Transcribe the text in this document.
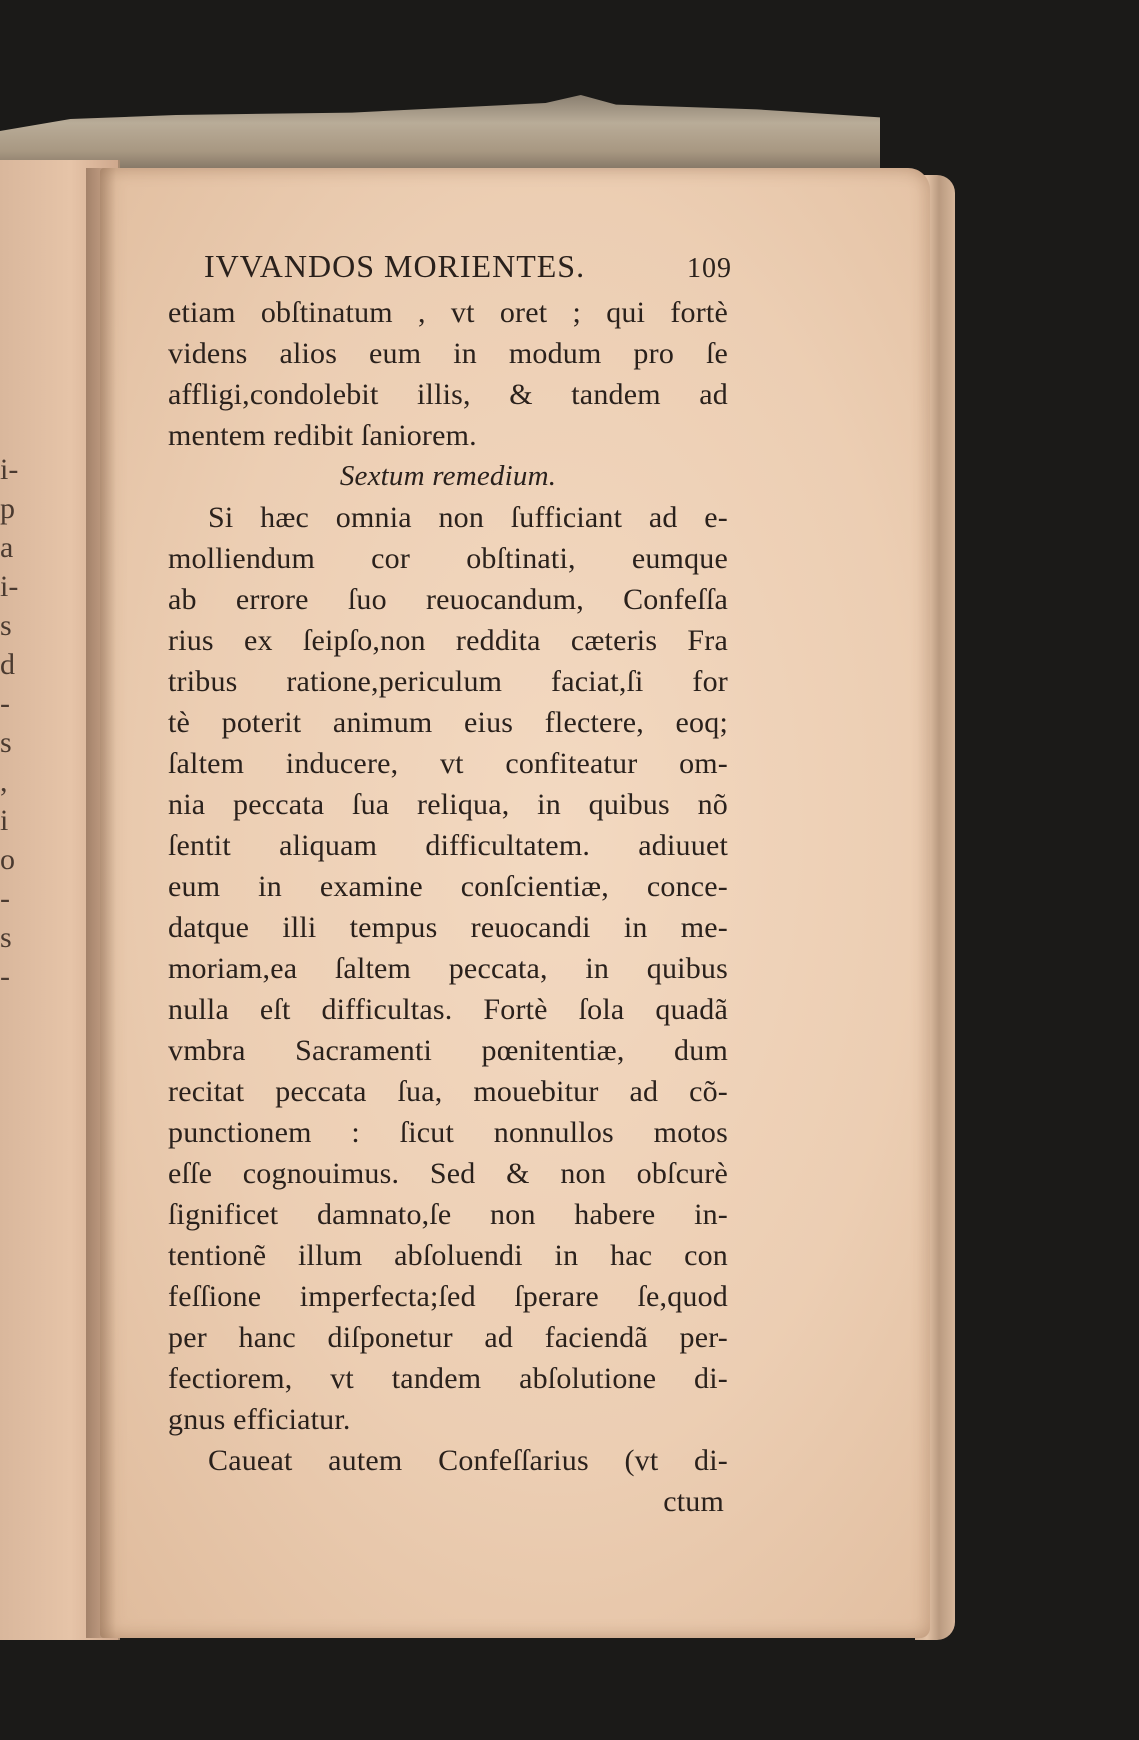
i-
p
a
i-
s
d
-
s
,
i
o
-
s
-
IVVANDOS MORIENTES.	109
etiam obſtinatum , vt oret ; qui fortè
videns alios eum in modum pro ſe
affligi,condolebit illis, & tandem ad
mentem redibit ſaniorem.
Sextum remedium.
Si hæc omnia non ſufficiant ad e-
molliendum cor obſtinati, eumque
ab errore ſuo reuocandum, Confeſſa
rius ex ſeipſo,non reddita cæteris Fra
tribus ratione,periculum faciat,ſi for
tè poterit animum eius flectere, eoq;
ſaltem inducere, vt confiteatur om-
nia peccata ſua reliqua, in quibus nõ
ſentit aliquam difficultatem. adiuuet
eum in examine conſcientiæ, conce-
datque illi tempus reuocandi in me-
moriam,ea ſaltem peccata, in quibus
nulla eſt difficultas. Fortè ſola quadã
vmbra Sacramenti pœnitentiæ, dum
recitat peccata ſua, mouebitur ad cõ-
punctionem : ſicut nonnullos motos
eſſe cognouimus. Sed & non obſcurè
ſignificet damnato,ſe non habere in-
tentionẽ illum abſoluendi in hac con
feſſione imperfecta;ſed ſperare ſe,quod
per hanc diſponetur ad faciendã per-
fectiorem, vt tandem abſolutione di-
gnus efficiatur.
Caueat autem Confeſſarius (vt di-
ctum
